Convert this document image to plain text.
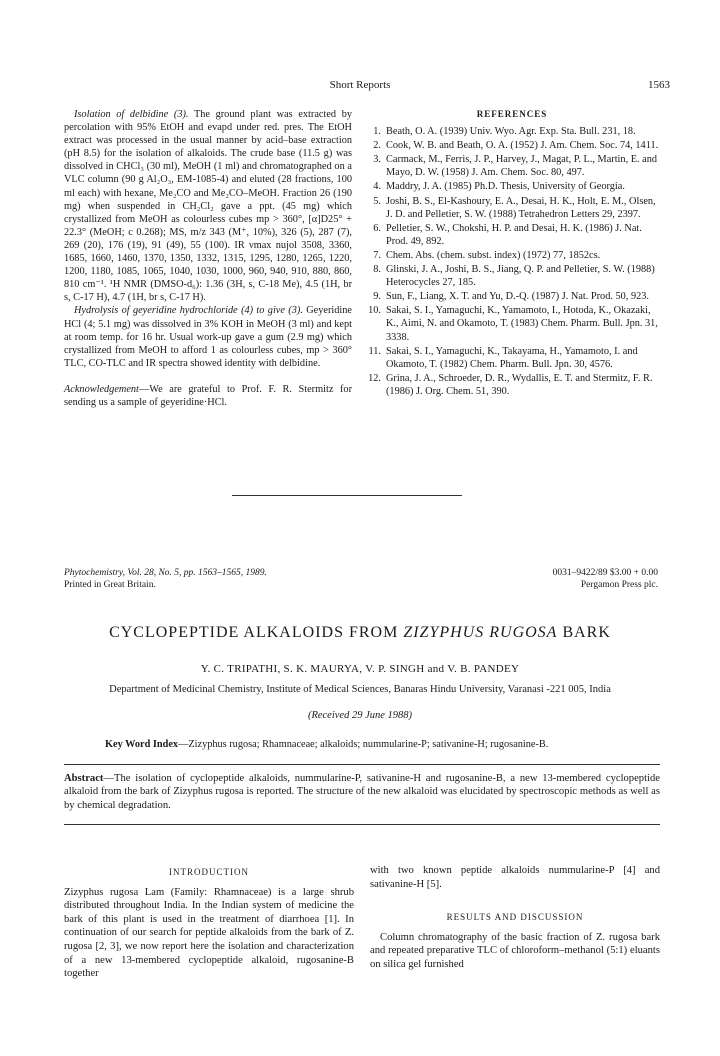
Short Reports	1563

Isolation of delbidine (3). The ground plant was extracted by percolation with 95% EtOH and evapd under red. pres. The EtOH extract was processed in the usual manner by acid–base extraction (pH 8.5) for the isolation of alkaloids. The crude base (11.5 g) was dissolved in CHCl₃ (30 ml), MeOH (1 ml) and chromatographed on a VLC column (90 g Al₂O₃, EM-1085-4) and eluted (28 fractions, 100 ml each) with hexane, Me₂CO and Me₂CO–MeOH. Fraction 26 (190 mg) when suspended in CH₂Cl₂ gave a ppt. (45 mg) which crystallized from MeOH as colourless cubes mp > 360°, [α]D25° + 22.3° (MeOH; c 0.268); MS, m/z 343 (M⁺, 10%), 326 (5), 287 (7), 269 (20), 176 (19), 91 (49), 55 (100). IR νmax nujol 3508, 3360, 1685, 1660, 1460, 1370, 1350, 1332, 1315, 1295, 1280, 1265, 1220, 1200, 1180, 1085, 1065, 1040, 1030, 1000, 960, 940, 910, 880, 860, 810 cm⁻¹. ¹H NMR (DMSO-d₆): 1.36 (3H, s, C-18 Me), 4.5 (1H, br s, C-17 H), 4.7 (1H, br s, C-17 H).

Hydrolysis of geyeridine hydrochloride (4) to give (3). Geyeridine HCl (4; 5.1 mg) was dissolved in 3% KOH in MeOH (3 ml) and kept at room temp. for 16 hr. Usual work-up gave a gum (2.9 mg) which crystallized from MeOH to afford 1 as colourless cubes, mp > 360° TLC, CO-TLC and IR spectra showed identity with delbidine.

Acknowledgement—We are grateful to Prof. F. R. Stermitz for sending us a sample of geyeridine·HCl.

REFERENCES
1. Beath, O. A. (1939) Univ. Wyo. Agr. Exp. Sta. Bull. 231, 18.
2. Cook, W. B. and Beath, O. A. (1952) J. Am. Chem. Soc. 74, 1411.
3. Carmack, M., Ferris, J. P., Harvey, J., Magat, P. L., Martin, E. and Mayo, D. W. (1958) J. Am. Chem. Soc. 80, 497.
4. Maddry, J. A. (1985) Ph.D. Thesis, University of Georgia.
5. Joshi, B. S., El-Kashoury, E. A., Desai, H. K., Holt, E. M., Olsen, J. D. and Pelletier, S. W. (1988) Tetrahedron Letters 29, 2397.
6. Pelletier, S. W., Chokshi, H. P. and Desai, H. K. (1986) J. Nat. Prod. 49, 892.
7. Chem. Abs. (chem. subst. index) (1972) 77, 1852cs.
8. Glinski, J. A., Joshi, B. S., Jiang, Q. P. and Pelletier, S. W. (1988) Heterocycles 27, 185.
9. Sun, F., Liang, X. T. and Yu, D.-Q. (1987) J. Nat. Prod. 50, 923.
10. Sakai, S. I., Yamaguchi, K., Yamamoto, I., Hotoda, K., Okazaki, K., Aimi, N. and Okamoto, T. (1983) Chem. Pharm. Bull. Jpn. 31, 3338.
11. Sakai, S. I., Yamaguchi, K., Takayama, H., Yamamoto, I. and Okamoto, T. (1982) Chem. Pharm. Bull. Jpn. 30, 4576.
12. Grina, J. A., Schroeder, D. R., Wydallis, E. T. and Stermitz, F. R. (1986) J. Org. Chem. 51, 390.
Phytochemistry, Vol. 28, No. 5, pp. 1563–1565, 1989.
Printed in Great Britain.
0031–9422/89 $3.00 + 0.00
Pergamon Press plc.
CYCLOPEPTIDE ALKALOIDS FROM ZIZYPHUS RUGOSA BARK
Y. C. TRIPATHI, S. K. MAURYA, V. P. SINGH and V. B. PANDEY
Department of Medicinal Chemistry, Institute of Medical Sciences, Banaras Hindu University, Varanasi -221 005, India
(Received 29 June 1988)
Key Word Index—Zizyphus rugosa; Rhamnaceae; alkaloids; nummularine-P; sativanine-H; rugosanine-B.
Abstract—The isolation of cyclopeptide alkaloids, nummularine-P, sativanine-H and rugosanine-B, a new 13-membered cyclopeptide alkaloid from the bark of Zizyphus rugosa is reported. The structure of the new alkaloid was elucidated by spectroscopic methods as well as by chemical degradation.
INTRODUCTION

Zizyphus rugosa Lam (Family: Rhamnaceae) is a large shrub distributed throughout India. In the Indian system of medicine the bark of this plant is used in the treatment of diarrhoea [1]. In continuation of our search for peptide alkaloids from the bark of Z. rugosa [2, 3], we now report here the isolation and characterization of a new 13-membered cyclopeptide alkaloid, rugosanine-B together

with two known peptide alkaloids nummularine-P [4] and sativanine-H [5].

RESULTS AND DISCUSSION

Column chromatography of the basic fraction of Z. rugosa bark and repeated preparative TLC of chloroform–methanol (5:1) eluants on silica gel furnished
